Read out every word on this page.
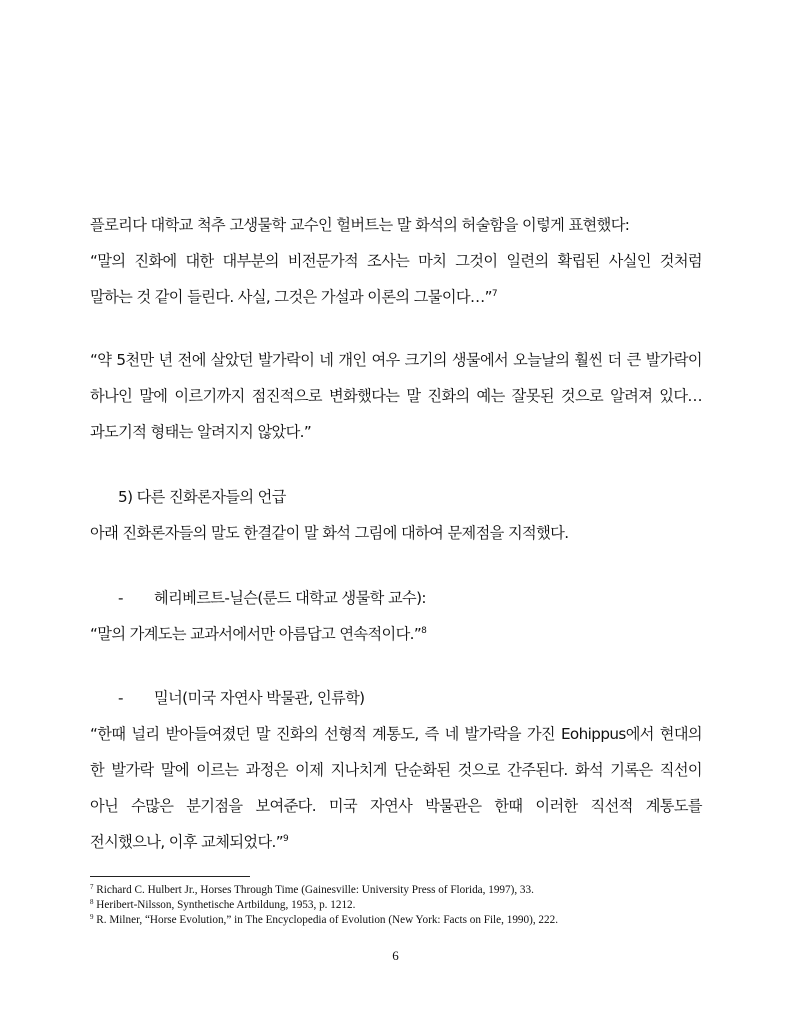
플로리다 대학교 척추 고생물학 교수인 헐버트는 말 화석의 허술함을 이렇게 표현했다:
“말의 진화에 대한 대부분의 비전문가적 조사는 마치 그것이 일련의 확립된 사실인 것처럼
말하는 것 같이 들린다. 사실, 그것은 가설과 이론의 그물이다…”$^7$
“약 5천만 년 전에 살았던 발가락이 네 개인 여우 크기의 생물에서 오늘날의 훨씬 더 큰 발가락이
하나인 말에 이르기까지 점진적으로 변화했다는 말 진화의 예는 잘못된 것으로 알려져 있다…
과도기적 형태는 알려지지 않았다.”
5) 다른 진화론자들의 언급
아래 진화론자들의 말도 한결같이 말 화석 그림에 대하여 문제점을 지적했다.
- 헤리베르트-닐슨(룬드 대학교 생물학 교수):
“말의 가계도는 교과서에서만 아름답고 연속적이다.”$^8$
- 밀너(미국 자연사 박물관, 인류학)
“한때 널리 받아들여졌던 말 진화의 선형적 계통도, 즉 네 발가락을 가진 Eohippus에서 현대의
한 발가락 말에 이르는 과정은 이제 지나치게 단순화된 것으로 간주된다. 화석 기록은 직선이
아닌 수많은 분기점을 보여준다. 미국 자연사 박물관은 한때 이러한 직선적 계통도를
전시했으나, 이후 교체되었다.”$^9$
$^7$ Richard C. Hulbert Jr., Horses Through Time (Gainesville: University Press of Florida, 1997), 33.
$^8$ Heribert-Nilsson, Synthetische Artbildung, 1953, p. 1212.
$^9$ R. Milner, “Horse Evolution,” in The Encyclopedia of Evolution (New York: Facts on File, 1990), 222.
6
